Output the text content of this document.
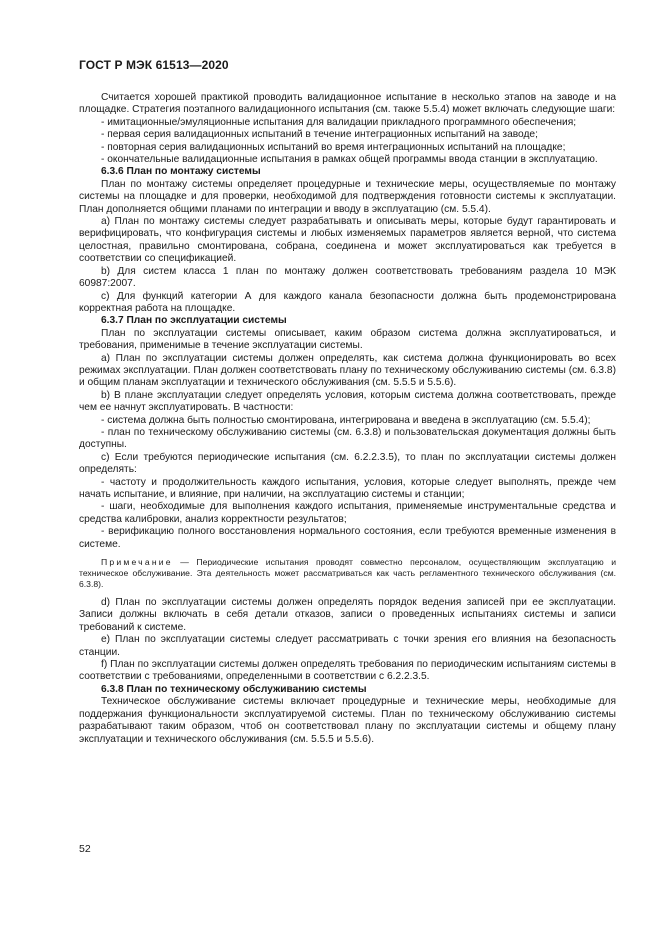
ГОСТ Р МЭК 61513—2020

Считается хорошей практикой проводить валидационное испытание в несколько этапов на заводе и на площадке. Стратегия поэтапного валидационного испытания (см. также 5.5.4) может включать следующие шаги:

- имитационные/эмуляционные испытания для валидации прикладного программного обеспечения;

- первая серия валидационных испытаний в течение интеграционных испытаний на заводе;

- повторная серия валидационных испытаний во время интеграционных испытаний на площадке;

- окончательные валидационные испытания в рамках общей программы ввода станции в эксплуатацию.

6.3.6 План по монтажу системы

План по монтажу системы определяет процедурные и технические меры, осуществляемые по монтажу системы на площадке и для проверки, необходимой для подтверждения готовности системы к эксплуатации. План дополняется общими планами по интеграции и вводу в эксплуатацию (см. 5.5.4).

a) План по монтажу системы следует разрабатывать и описывать меры, которые будут гарантировать и верифицировать, что конфигурация системы и любых изменяемых параметров является верной, что система целостная, правильно смонтирована, собрана, соединена и может эксплуатироваться как требуется в соответствии со спецификацией.

b) Для систем класса 1 план по монтажу должен соответствовать требованиям раздела 10 МЭК 60987:2007.

c) Для функций категории А для каждого канала безопасности должна быть продемонстрирована корректная работа на площадке.

6.3.7 План по эксплуатации системы

План по эксплуатации системы описывает, каким образом система должна эксплуатироваться, и требования, применимые в течение эксплуатации системы.

a) План по эксплуатации системы должен определять, как система должна функционировать во всех режимах эксплуатации. План должен соответствовать плану по техническому обслуживанию системы (см. 6.3.8) и общим планам эксплуатации и технического обслуживания (см. 5.5.5 и 5.5.6).

b) В плане эксплуатации следует определять условия, которым система должна соответствовать, прежде чем ее начнут эксплуатировать. В частности:

- система должна быть полностью смонтирована, интегрирована и введена в эксплуатацию (см. 5.5.4);

- план по техническому обслуживанию системы (см. 6.3.8) и пользовательская документация должны быть доступны.

c) Если требуются периодические испытания (см. 6.2.2.3.5), то план по эксплуатации системы должен определять:

- частоту и продолжительность каждого испытания, условия, которые следует выполнять, прежде чем начать испытание, и влияние, при наличии, на эксплуатацию системы и станции;

- шаги, необходимые для выполнения каждого испытания, применяемые инструментальные средства и средства калибровки, анализ корректности результатов;

- верификацию полного восстановления нормального состояния, если требуются временные изменения в системе.

Примечание — Периодические испытания проводят совместно персоналом, осуществляющим эксплуатацию и техническое обслуживание. Эта деятельность может рассматриваться как часть регламентного технического обслуживания (см. 6.3.8).

d) План по эксплуатации системы должен определять порядок ведения записей при ее эксплуатации. Записи должны включать в себя детали отказов, записи о проведенных испытаниях системы и записи требований к системе.

e) План по эксплуатации системы следует рассматривать с точки зрения его влияния на безопасность станции.

f) План по эксплуатации системы должен определять требования по периодическим испытаниям системы в соответствии с требованиями, определенными в соответствии с 6.2.2.3.5.

6.3.8 План по техническому обслуживанию системы

Техническое обслуживание системы включает процедурные и технические меры, необходимые для поддержания функциональности эксплуатируемой системы. План по техническому обслуживанию системы разрабатывают таким образом, чтоб он соответствовал плану по эксплуатации системы и общему плану эксплуатации и технического обслуживания (см. 5.5.5 и 5.5.6).

52
